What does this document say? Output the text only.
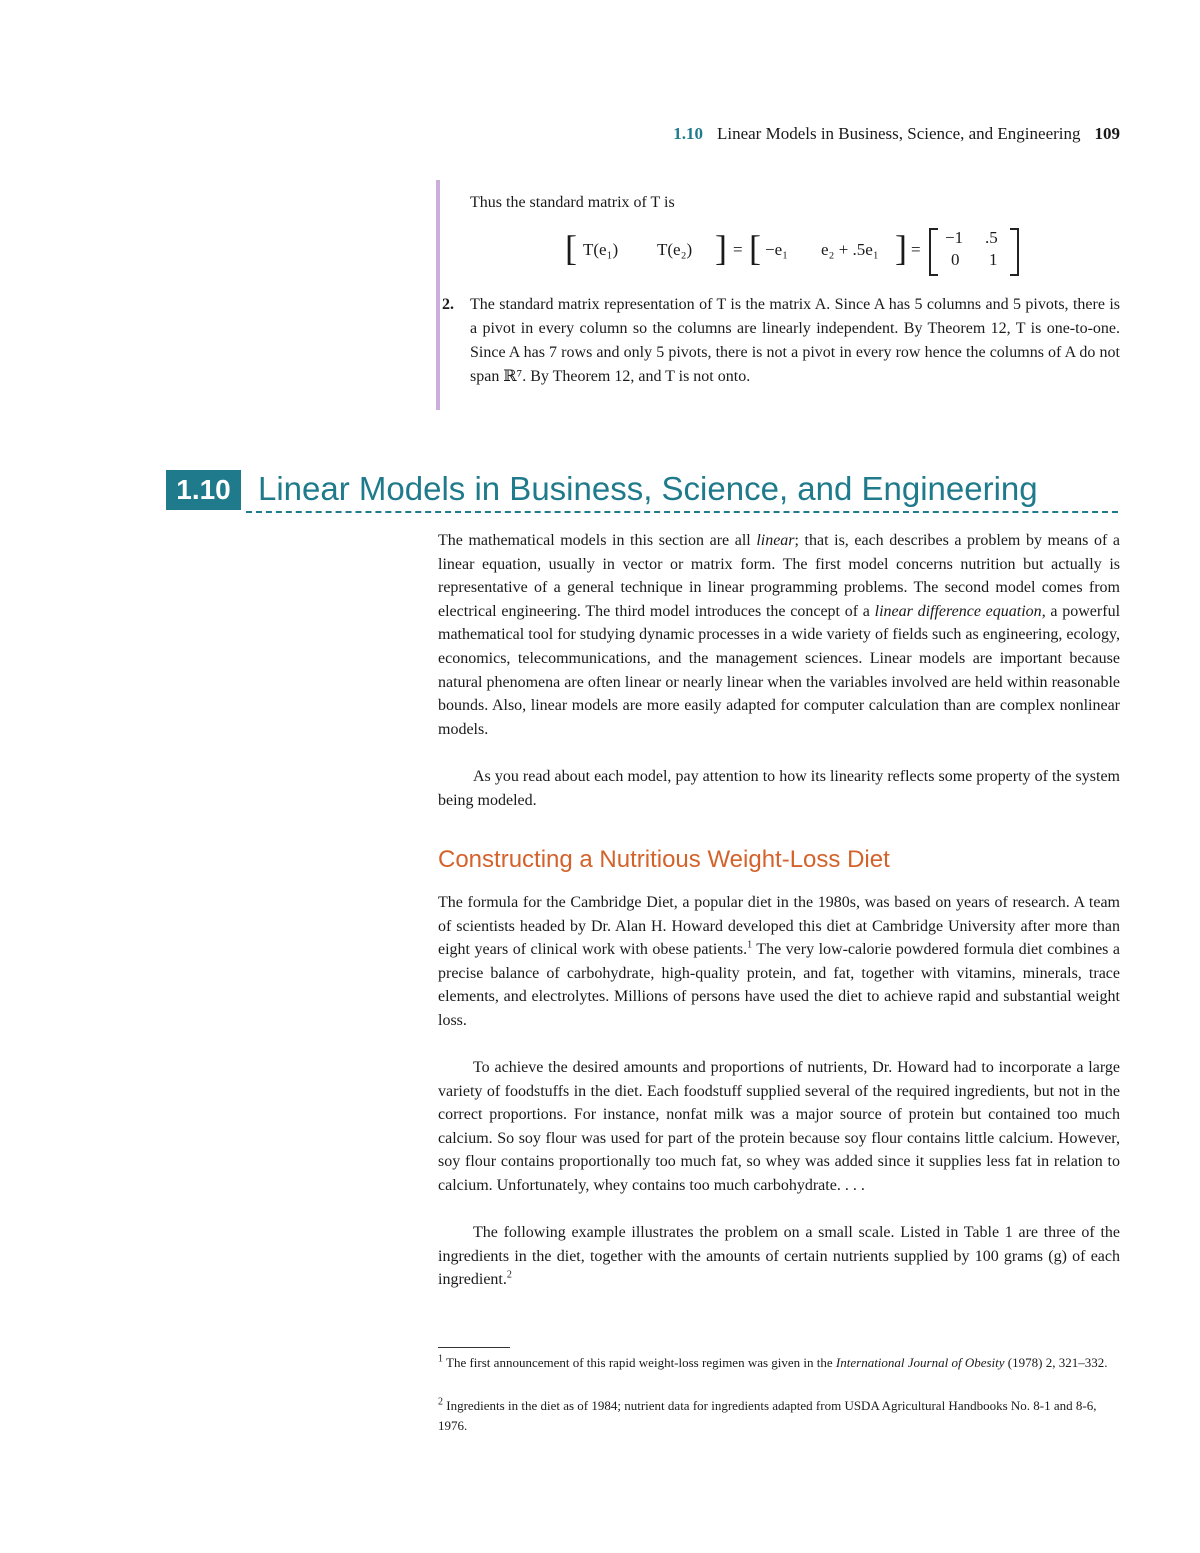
1.10 Linear Models in Business, Science, and Engineering 109
Thus the standard matrix of T is
[ T(e₁) T(e₂) ] = [ −e₁ e₂ + .5e₁ ] =
−1 .5
0 1
2. The standard matrix representation of T is the matrix A. Since A has 5 columns and 5 pivots, there is a pivot in every column so the columns are linearly independent. By Theorem 12, T is one-to-one. Since A has 7 rows and only 5 pivots, there is not a pivot in every row hence the columns of A do not span ℝ⁷. By Theorem 12, and T is not onto.
1.10 Linear Models in Business, Science, and Engineering
The mathematical models in this section are all linear; that is, each describes a problem by means of a linear equation, usually in vector or matrix form. The first model concerns nutrition but actually is representative of a general technique in linear programming problems. The second model comes from electrical engineering. The third model introduces the concept of a linear difference equation, a powerful mathematical tool for studying dynamic processes in a wide variety of fields such as engineering, ecology, economics, telecommunications, and the management sciences. Linear models are important because natural phenomena are often linear or nearly linear when the variables involved are held within reasonable bounds. Also, linear models are more easily adapted for computer calculation than are complex nonlinear models.
As you read about each model, pay attention to how its linearity reflects some property of the system being modeled.
Constructing a Nutritious Weight-Loss Diet
The formula for the Cambridge Diet, a popular diet in the 1980s, was based on years of research. A team of scientists headed by Dr. Alan H. Howard developed this diet at Cambridge University after more than eight years of clinical work with obese patients.$^1$ The very low-calorie powdered formula diet combines a precise balance of carbohydrate, high-quality protein, and fat, together with vitamins, minerals, trace elements, and electrolytes. Millions of persons have used the diet to achieve rapid and substantial weight loss.
To achieve the desired amounts and proportions of nutrients, Dr. Howard had to incorporate a large variety of foodstuffs in the diet. Each foodstuff supplied several of the required ingredients, but not in the correct proportions. For instance, nonfat milk was a major source of protein but contained too much calcium. So soy flour was used for part of the protein because soy flour contains little calcium. However, soy flour contains proportionally too much fat, so whey was added since it supplies less fat in relation to calcium. Unfortunately, whey contains too much carbohydrate. . . .
The following example illustrates the problem on a small scale. Listed in Table 1 are three of the ingredients in the diet, together with the amounts of certain nutrients supplied by 100 grams (g) of each ingredient.$^2$
$^1$ The first announcement of this rapid weight-loss regimen was given in the International Journal of Obesity (1978) 2, 321–332.
$^2$ Ingredients in the diet as of 1984; nutrient data for ingredients adapted from USDA Agricultural Handbooks No. 8-1 and 8-6, 1976.
